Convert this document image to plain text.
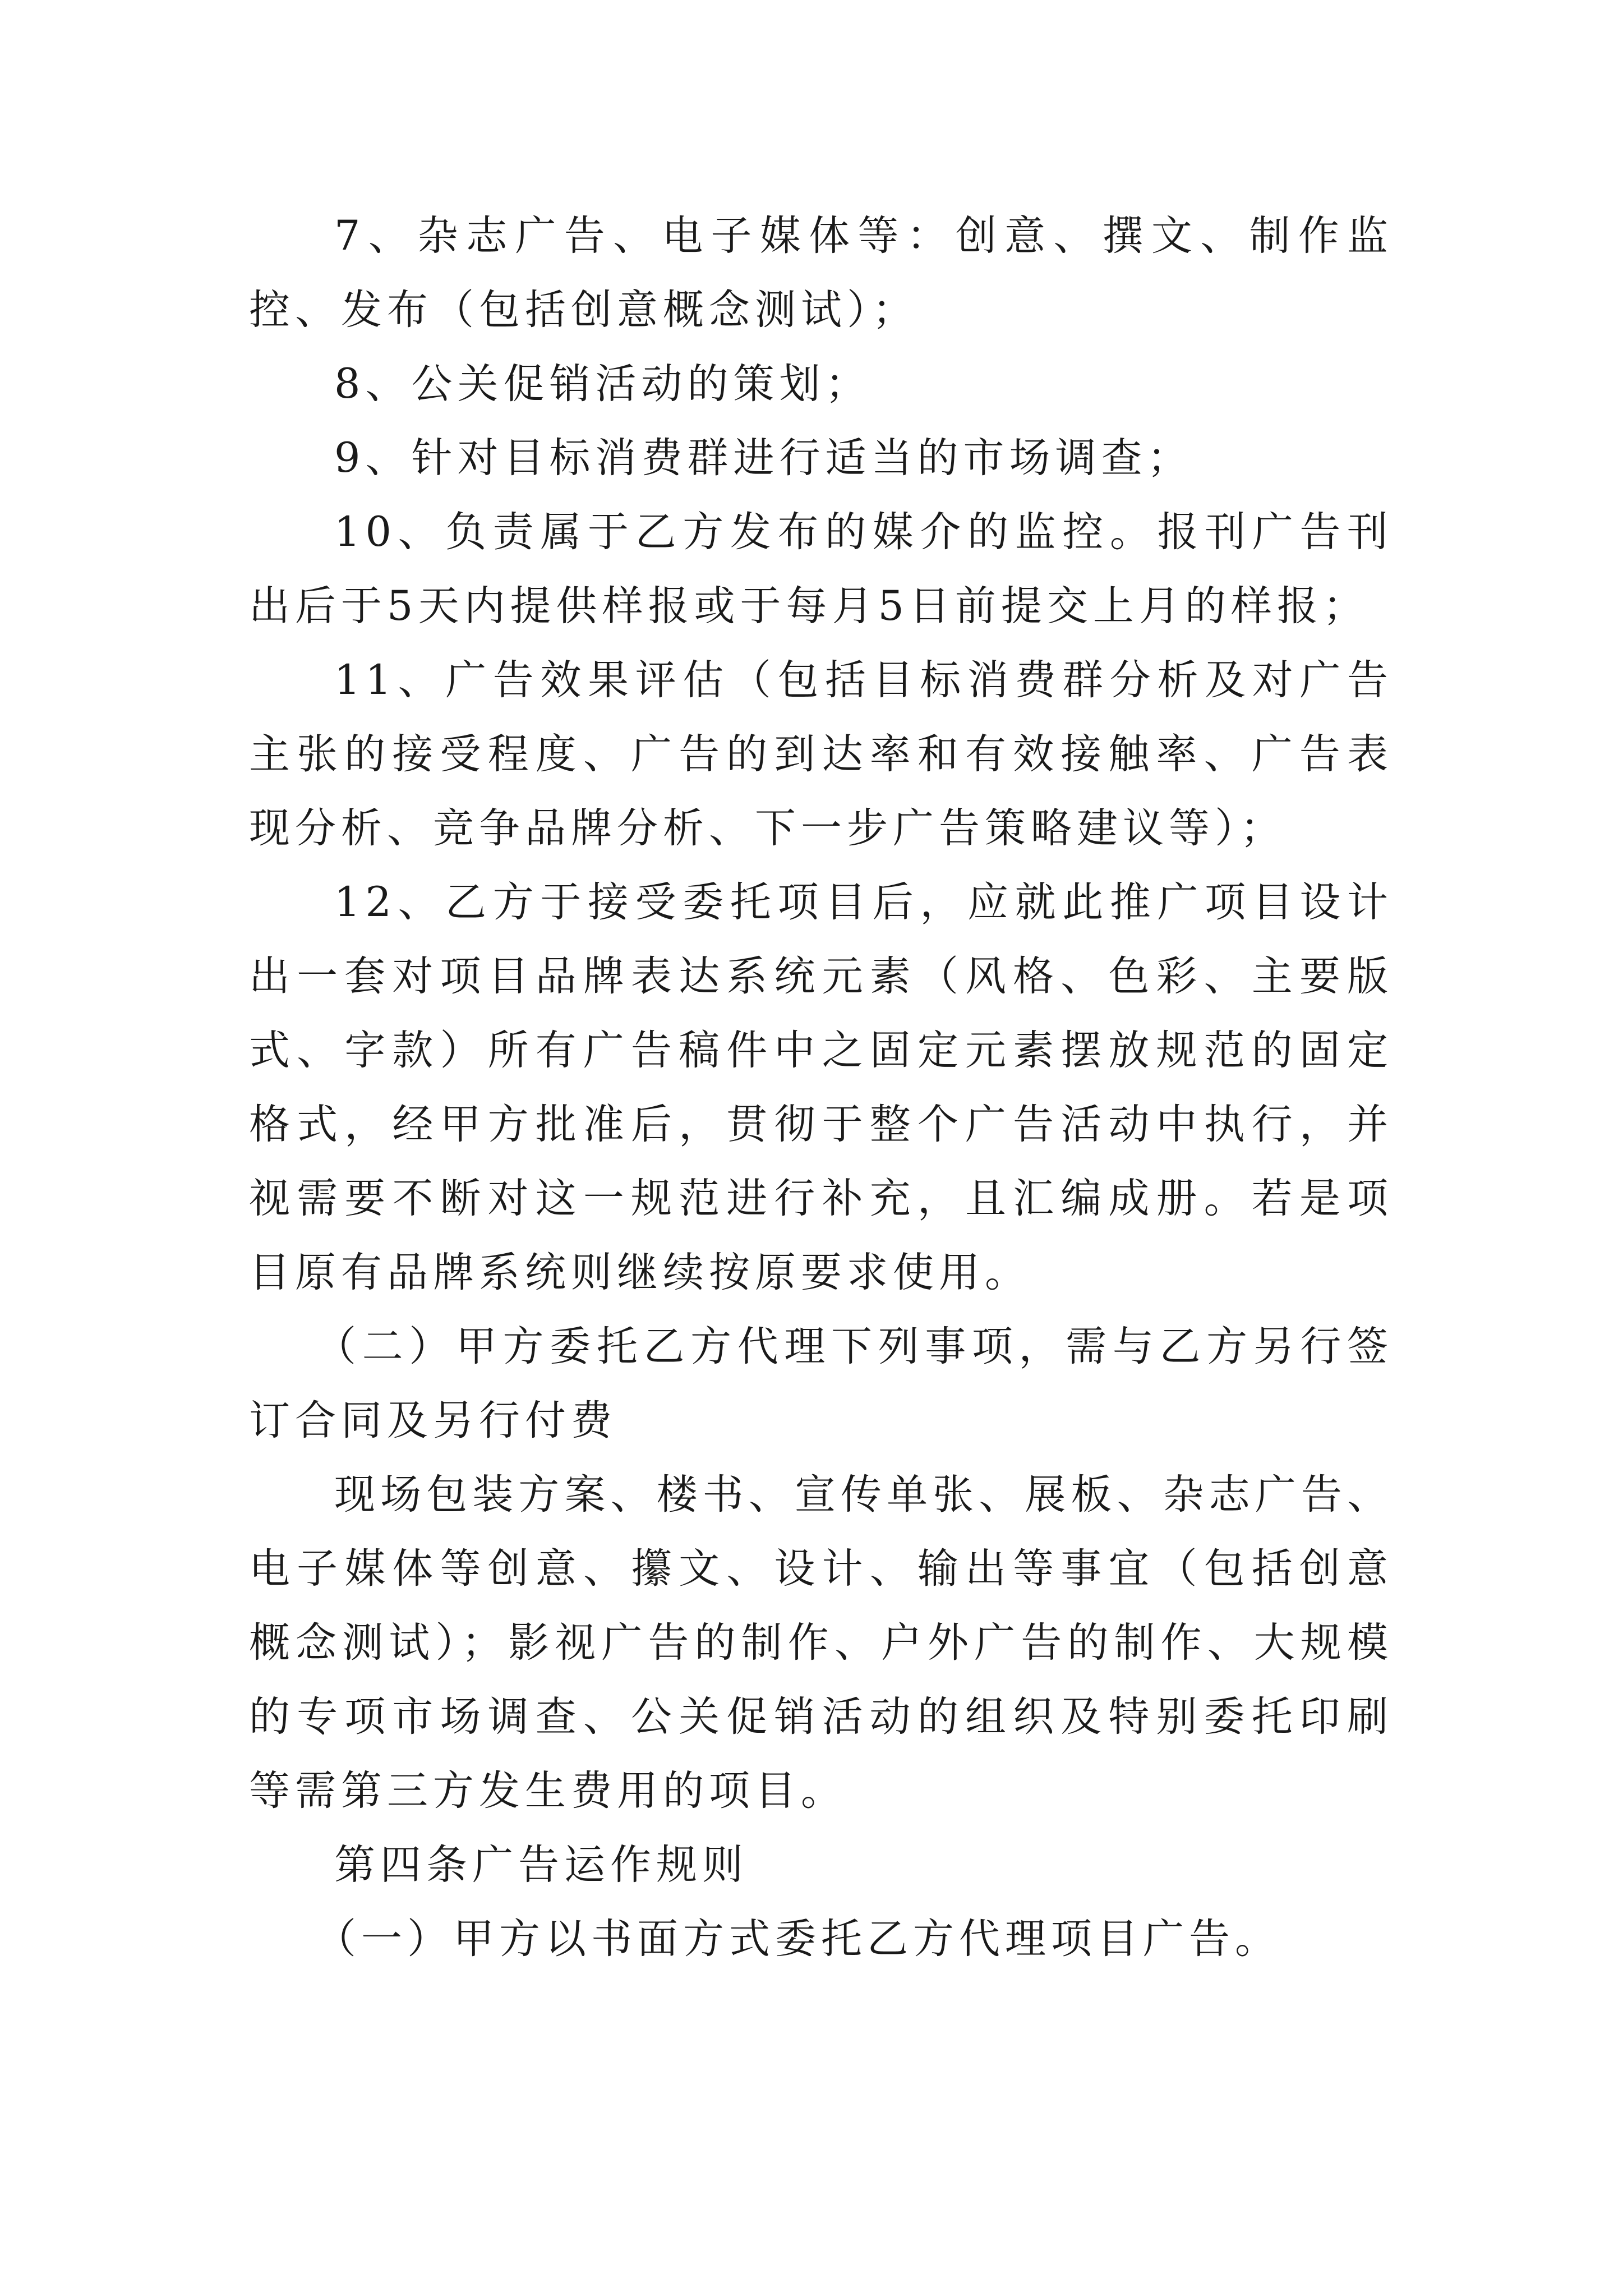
7、杂志广告、电子媒体等：创意、撰文、制作监控、发布（包括创意概念测试）；

8、公关促销活动的策划；

9、针对目标消费群进行适当的市场调查；

10、负责属于乙方发布的媒介的监控。报刊广告刊出后于5天内提供样报或于每月5日前提交上月的样报；

11、广告效果评估（包括目标消费群分析及对广告主张的接受程度、广告的到达率和有效接触率、广告表现分析、竞争品牌分析、下一步广告策略建议等）；

12、乙方于接受委托项目后，应就此推广项目设计出一套对项目品牌表达系统元素（风格、色彩、主要版式、字款）所有广告稿件中之固定元素摆放规范的固定格式，经甲方批准后，贯彻于整个广告活动中执行，并视需要不断对这一规范进行补充，且汇编成册。若是项目原有品牌系统则继续按原要求使用。

（二）甲方委托乙方代理下列事项，需与乙方另行签订合同及另行付费

现场包装方案、楼书、宣传单张、展板、杂志广告、电子媒体等创意、攥文、设计、输出等事宜（包括创意概念测试）；影视广告的制作、户外广告的制作、大规模的专项市场调查、公关促销活动的组织及特别委托印刷等需第三方发生费用的项目。

第四条广告运作规则

（一）甲方以书面方式委托乙方代理项目广告。
